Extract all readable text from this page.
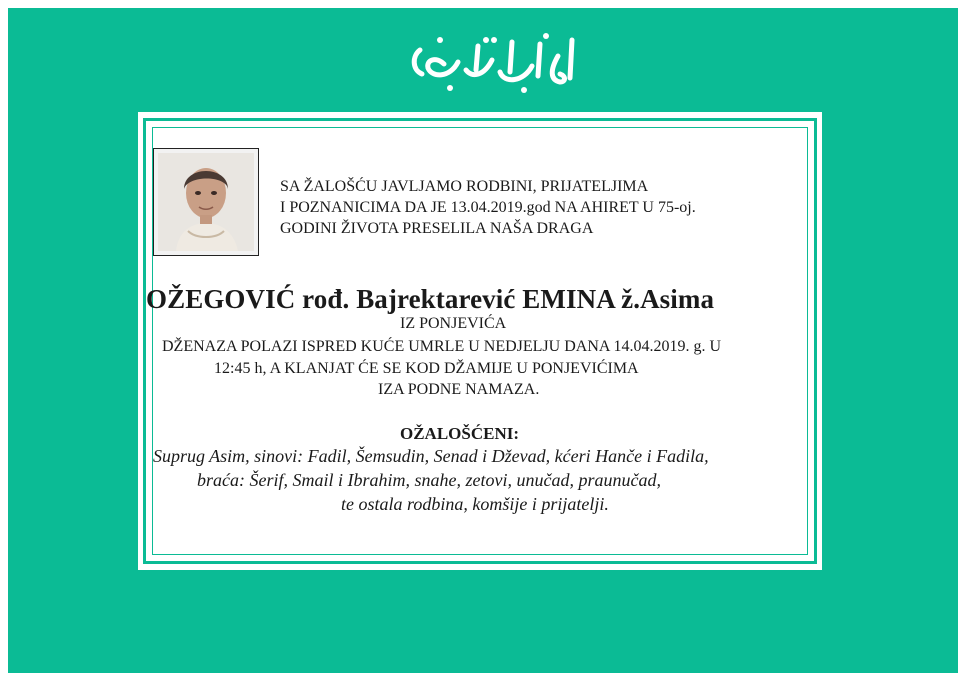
SA ŽALOŠĆU JAVLJAMO RODBINI, PRIJATELJIMA
I POZNANICIMA DA JE 13.04.2019.god NA AHIRET U 75-oj.
GODINI ŽIVOTA PRESELILA NAŠA DRAGA
OŽEGOVIĆ rođ. Bajrektarević EMINA ž.Asima
IZ PONJEVIĆA
DŽENAZA POLAZI ISPRED KUĆE UMRLE U NEDJELJU DANA 14.04.2019. g. U
12:45 h, A KLANJAT ĆE SE KOD DŽAMIJE U PONJEVIĆIMA
IZA PODNE NAMAZA.
OŽALOŠĆENI:
Suprug Asim, sinovi: Fadil, Šemsudin, Senad i Dževad, kćeri Hanče i Fadila,
braća: Šerif, Smail i Ibrahim, snahe, zetovi, unučad, praunučad,
te ostala rodbina, komšije i prijatelji.
